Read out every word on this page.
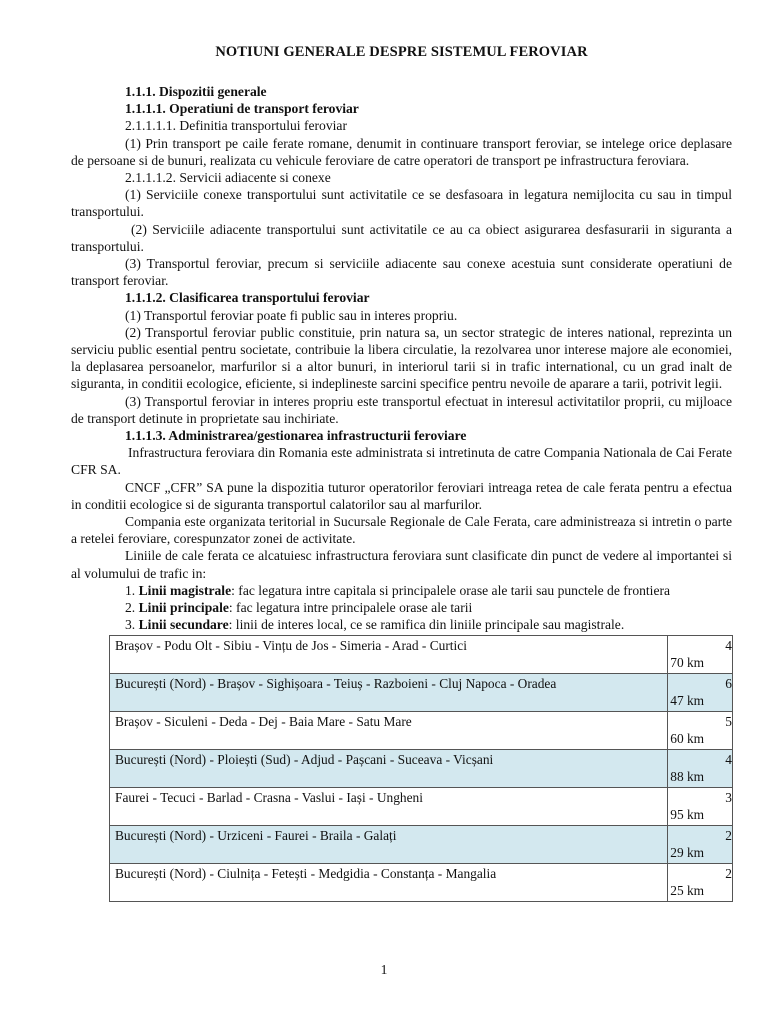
NOTIUNI GENERALE DESPRE SISTEMUL FEROVIAR

1.1.1. Dispozitii generale

1.1.1.1. Operatiuni de transport feroviar

2.1.1.1.1. Definitia transportului feroviar

(1) Prin transport pe caile ferate romane, denumit in continuare transport feroviar, se intelege orice deplasare de persoane si de bunuri, realizata cu vehicule feroviare de catre operatori de transport pe infrastructura feroviara.

2.1.1.1.2. Servicii adiacente si conexe

(1) Serviciile conexe transportului sunt activitatile ce se desfasoara in legatura nemijlocita cu sau in timpul transportului.

(2) Serviciile adiacente transportului sunt activitatile ce au ca obiect asigurarea desfasurarii in siguranta a transportului.

(3) Transportul feroviar, precum si serviciile adiacente sau conexe acestuia sunt considerate operatiuni de transport feroviar.

1.1.1.2. Clasificarea transportului feroviar

(1) Transportul feroviar poate fi public sau in interes propriu.

(2) Transportul feroviar public constituie, prin natura sa, un sector strategic de interes national, reprezinta un serviciu public esential pentru societate, contribuie la libera circulatie, la rezolvarea unor interese majore ale economiei, la deplasarea persoanelor, marfurilor si a altor bunuri, in interiorul tarii si in trafic international, cu un grad inalt de siguranta, in conditii ecologice, eficiente, si indeplineste sarcini specifice pentru nevoile de aparare a tarii, potrivit legii.

(3) Transportul feroviar in interes propriu este transportul efectuat in interesul activitatilor proprii, cu mijloace de transport detinute in proprietate sau inchiriate.

1.1.1.3. Administrarea/gestionarea infrastructurii feroviare

Infrastructura feroviara din Romania este administrata si intretinuta de catre Compania Nationala de Cai Ferate CFR SA.

CNCF „CFR” SA pune la dispozitia tuturor operatorilor feroviari intreaga retea de cale ferata pentru a efectua in conditii ecologice si de siguranta transportul calatorilor sau al marfurilor.

Compania este organizata teritorial in Sucursale Regionale de Cale Ferata, care administreaza si intretin o parte a retelei feroviare, corespunzator zonei de activitate.

Liniile de cale ferata ce alcatuiesc infrastructura feroviara sunt clasificate din punct de vedere al importantei si al volumului de trafic in:

1. Linii magistrale: fac legatura intre capitala si principalele orase ale tarii sau punctele de frontiera

2. Linii principale: fac legatura intre principalele orase ale tarii

3. Linii secundare: linii de interes local, ce se ramifica din liniile principale sau magistrale.

Brașov - Podu Olt - Sibiu - Vințu de Jos - Simeria - Arad - Curtici	4
70 km

București (Nord) - Brașov - Sighișoara - Teiuș - Razboieni - Cluj Napoca - Oradea	6
47 km

Brașov - Siculeni - Deda - Dej - Baia Mare - Satu Mare	5
60 km

București (Nord) - Ploiești (Sud) - Adjud - Pașcani - Suceava - Vicșani	4
88 km

Faurei - Tecuci - Barlad - Crasna - Vaslui - Iași - Ungheni	3
95 km

București (Nord) - Urziceni - Faurei - Braila - Galați	2
29 km

București (Nord) - Ciulnița - Fetești - Medgidia - Constanța - Mangalia	2
25 km
1
